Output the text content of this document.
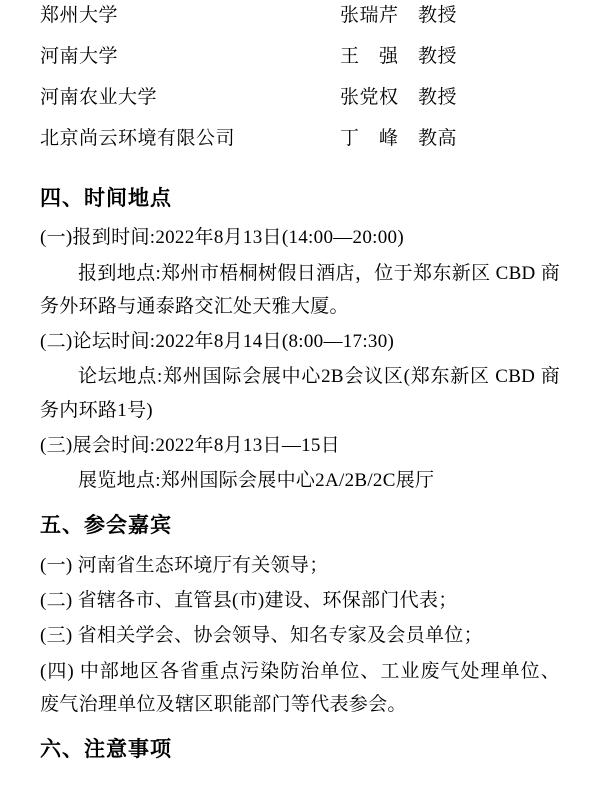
郑州大学	张瑞芹　教授
河南大学	王　强　教授
河南农业大学	张党权　教授
北京尚云环境有限公司	丁　峰　教高
四、时间地点

(一)报到时间:2022年8月13日(14:00—20:00)

报到地点:郑州市梧桐树假日酒店，位于郑东新区 CBD 商务外环路与通泰路交汇处天雅大厦。

(二)论坛时间:2022年8月14日(8:00—17:30)

论坛地点:郑州国际会展中心2B会议区(郑东新区 CBD 商务内环路1号)

(三)展会时间:2022年8月13日—15日

展览地点:郑州国际会展中心2A/2B/2C展厅

五、参会嘉宾

(一) 河南省生态环境厅有关领导；

(二) 省辖各市、直管县(市)建设、环保部门代表；

(三) 省相关学会、协会领导、知名专家及会员单位；

(四) 中部地区各省重点污染防治单位、工业废气处理单位、废气治理单位及辖区职能部门等代表参会。

六、注意事项
